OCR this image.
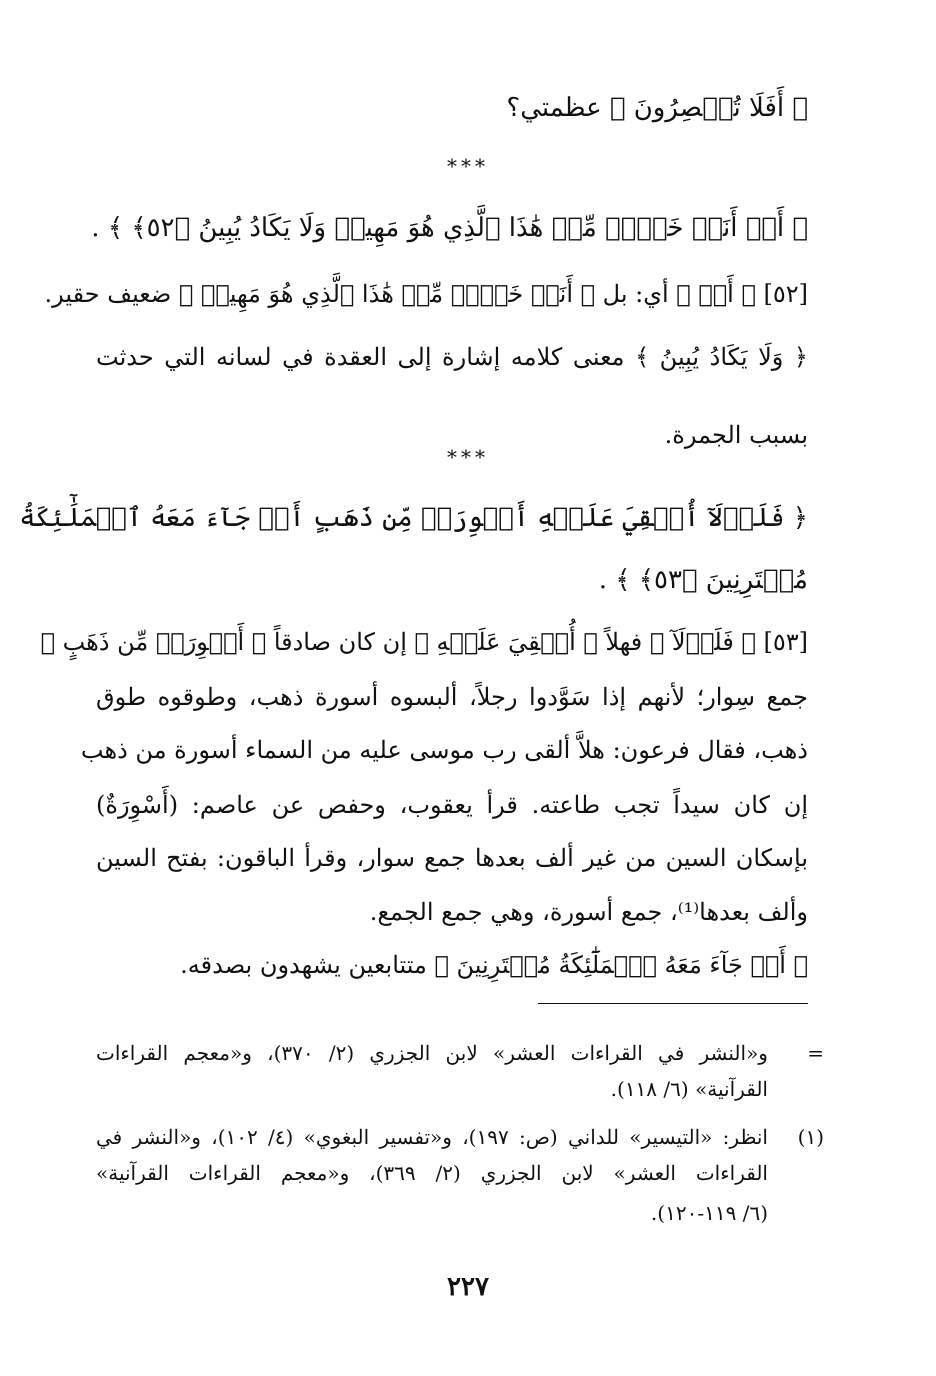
﴿ أَفَلَا تُبۡصِرُونَ ﴾ عظمتي؟
***
﴿ أَمۡ أَنَا۠ خَيۡرٞ مِّنۡ هَٰذَا ٱلَّذِي هُوَ مَهِينٞ وَلَا يَكَادُ يُبِينُ ﴿٥٢﴾ ﴾ .
[٥٢] ﴿ أَمۡ ﴾ أي: بل ﴿ أَنَا۠ خَيۡرٞ مِّنۡ هَٰذَا ٱلَّذِي هُوَ مَهِينٞ ﴾ ضعيف حقير.
﴿ وَلَا يَكَادُ يُبِينُ ﴾ معنى كلامه إشارة إلى العقدة في لسانه التي حدثت
بسبب الجمرة.
***
﴿ فَلَوۡلَآ أُلۡقِيَ عَلَيۡهِ أَسۡوِرَةٞ مِّن ذَهَبٍ أَوۡ جَآءَ مَعَهُ ٱلۡمَلَٰٓئِكَةُ
مُقۡتَرِنِينَ ﴿٥٣﴾ ﴾ .
[٥٣] ﴿ فَلَوۡلَآ ﴾ فهلاً ﴿ أُلۡقِيَ عَلَيۡهِ ﴾ إن كان صادقاً ﴿ أَسۡوِرَةٞ مِّن ذَهَبٍ ﴾
جمع سِوار؛ لأنهم إذا سَوَّدوا رجلاً، ألبسوه أسورة ذهب، وطوقوه طوق
ذهب، فقال فرعون: هلاَّ ألقى رب موسى عليه من السماء أسورة من ذهب
إن كان سيداً تجب طاعته. قرأ يعقوب، وحفص عن عاصم: (أَسْوِرَةٌ)
بإسكان السين من غير ألف بعدها جمع سوار، وقرأ الباقون: بفتح السين
وألف بعدها⁽¹⁾، جمع أسورة، وهي جمع الجمع.
﴿ أَوۡ جَآءَ مَعَهُ ٱلۡمَلَٰٓئِكَةُ مُقۡتَرِنِينَ ﴾ متتابعين يشهدون بصدقه.
=
و«النشر في القراءات العشر» لابن الجزري (٢/ ٣٧٠)، و«معجم القراءات
القرآنية» (٦/ ١١٨).
(١)
انظر: «التيسير» للداني (ص: ١٩٧)، و«تفسير البغوي» (٤/ ١٠٢)، و«النشر في
القراءات العشر» لابن الجزري (٢/ ٣٦٩)، و«معجم القراءات القرآنية»
(٦/ ١١٩-١٢٠).
٢٢٧
